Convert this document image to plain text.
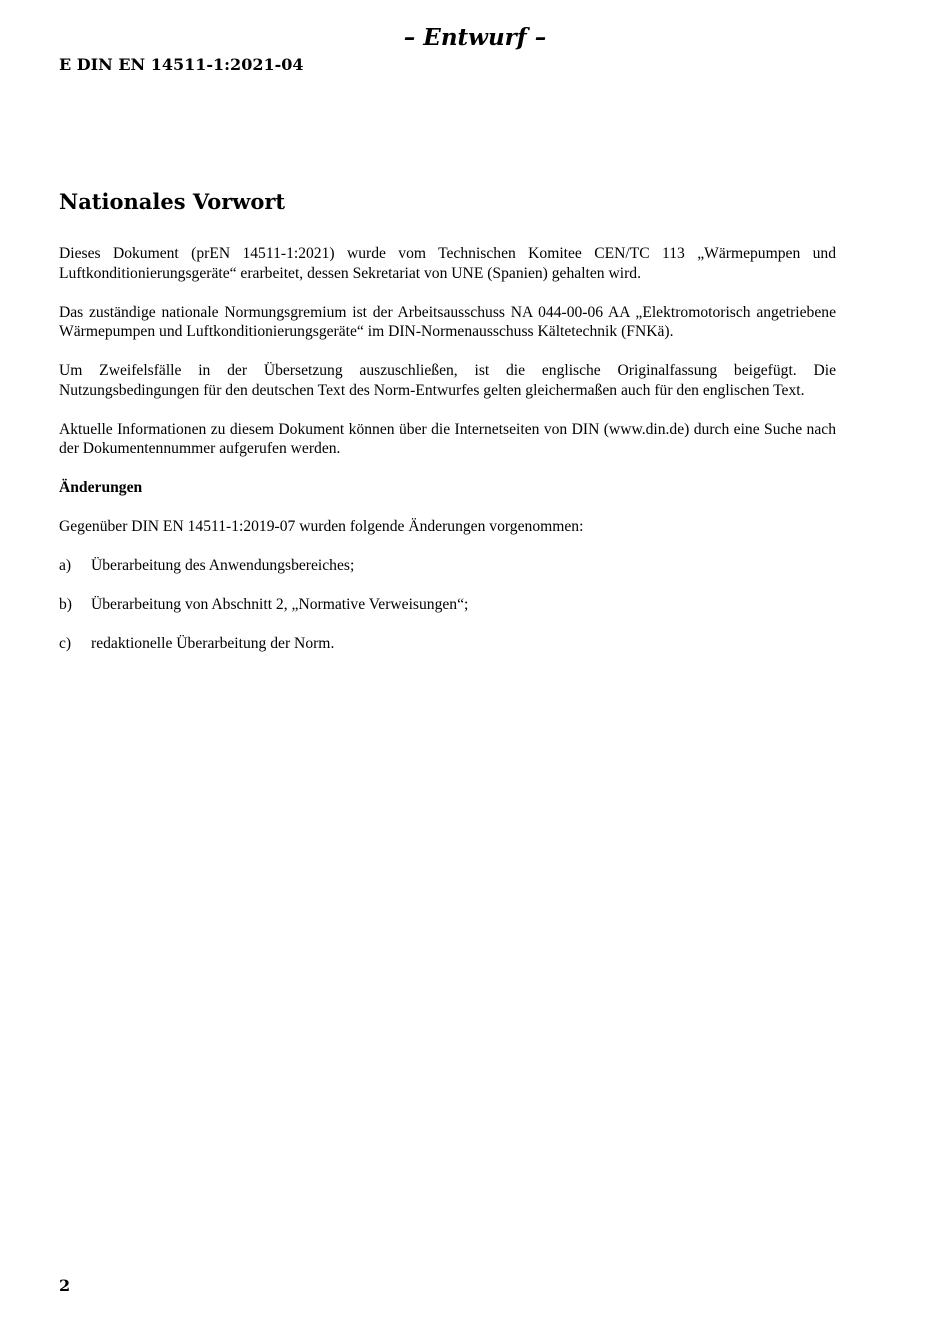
– Entwurf –

E DIN EN 14511-1:2021-04

Nationales Vorwort

Dieses Dokument (prEN 14511-1:2021) wurde vom Technischen Komitee CEN/TC 113 „Wärmepumpen und Luftkonditionierungsgeräte“ erarbeitet, dessen Sekretariat von UNE (Spanien) gehalten wird.

Das zuständige nationale Normungsgremium ist der Arbeitsausschuss NA 044-00-06 AA „Elektromotorisch angetriebene Wärmepumpen und Luftkonditionierungsgeräte“ im DIN-Normenausschuss Kältetechnik (FNKä).

Um Zweifelsfälle in der Übersetzung auszuschließen, ist die englische Originalfassung beigefügt. Die Nutzungsbedingungen für den deutschen Text des Norm-Entwurfes gelten gleichermaßen auch für den englischen Text.

Aktuelle Informationen zu diesem Dokument können über die Internetseiten von DIN (www.din.de) durch eine Suche nach der Dokumentennummer aufgerufen werden.

Änderungen

Gegenüber DIN EN 14511-1:2019-07 wurden folgende Änderungen vorgenommen:

a)	Überarbeitung des Anwendungsbereiches;
b)	Überarbeitung von Abschnitt 2, „Normative Verweisungen“;
c)	redaktionelle Überarbeitung der Norm.

2
